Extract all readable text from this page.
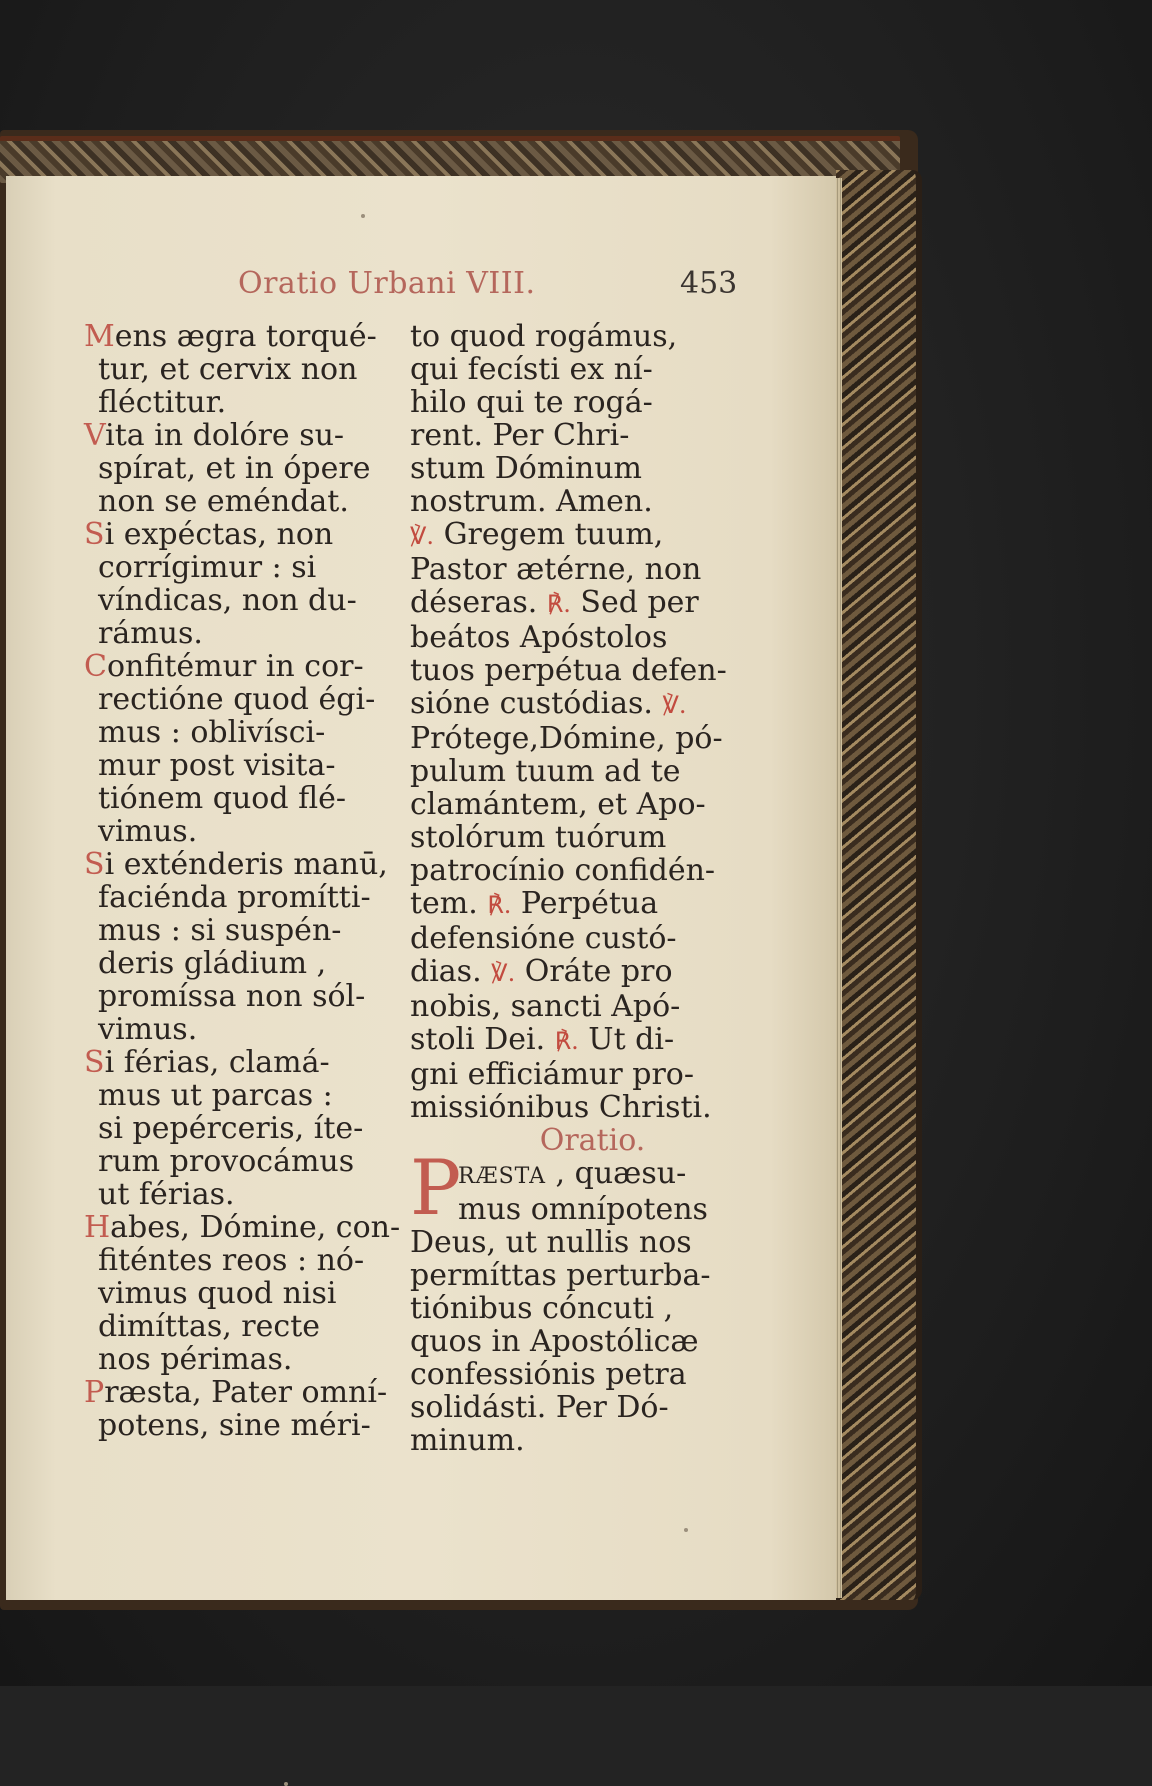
Oratio Urbani VIII.	453
Mens ægra torqué-
tur, et cervix non
fléctitur.
Vita in dolóre su-
spírat, et in ópere
non se eméndat.
Si expéctas, non
corrígimur : si
víndicas, non du-
rámus.
Confitémur in cor-
rectióne quod égi-
mus : oblivísci-
mur post visita-
tiónem quod flé-
vimus.
Si exténderis manū,
faciénda promítti-
mus : si suspén-
deris gládium ,
promíssa non sól-
vimus.
Si férias, clamá-
mus ut parcas :
si pepérceris, íte-
rum provocámus
ut férias.
Habes, Dómine, con-
fiténtes reos : nó-
vimus quod nisi
dimíttas, recte
nos périmas.
Præsta, Pater omní-
potens, sine méri-
to quod rogámus,
qui fecísti ex ní-
hilo qui te rogá-
rent. Per Chri-
stum Dóminum
nostrum. Amen.
℣. Gregem tuum,
Pastor ætérne, non
déseras. ℟. Sed per
beátos Apóstolos
tuos perpétua defen-
sióne custódias. ℣.
Prótege,Dómine, pó-
pulum tuum ad te
clamántem, et Apo-
stolórum tuórum
patrocínio confidén-
tem. ℟. Perpétua
defensióne custó-
dias. ℣. Oráte pro
nobis, sancti Apó-
stoli Dei. ℟. Ut di-
gni efficiámur pro-
missiónibus Christi.
Oratio.
P
RÆSTA , quæsu-
mus omnípotens
Deus, ut nullis nos
permíttas perturba-
tiónibus cóncuti ,
quos in Apostólicæ
confessiónis petra
solidásti. Per Dó-
minum.
